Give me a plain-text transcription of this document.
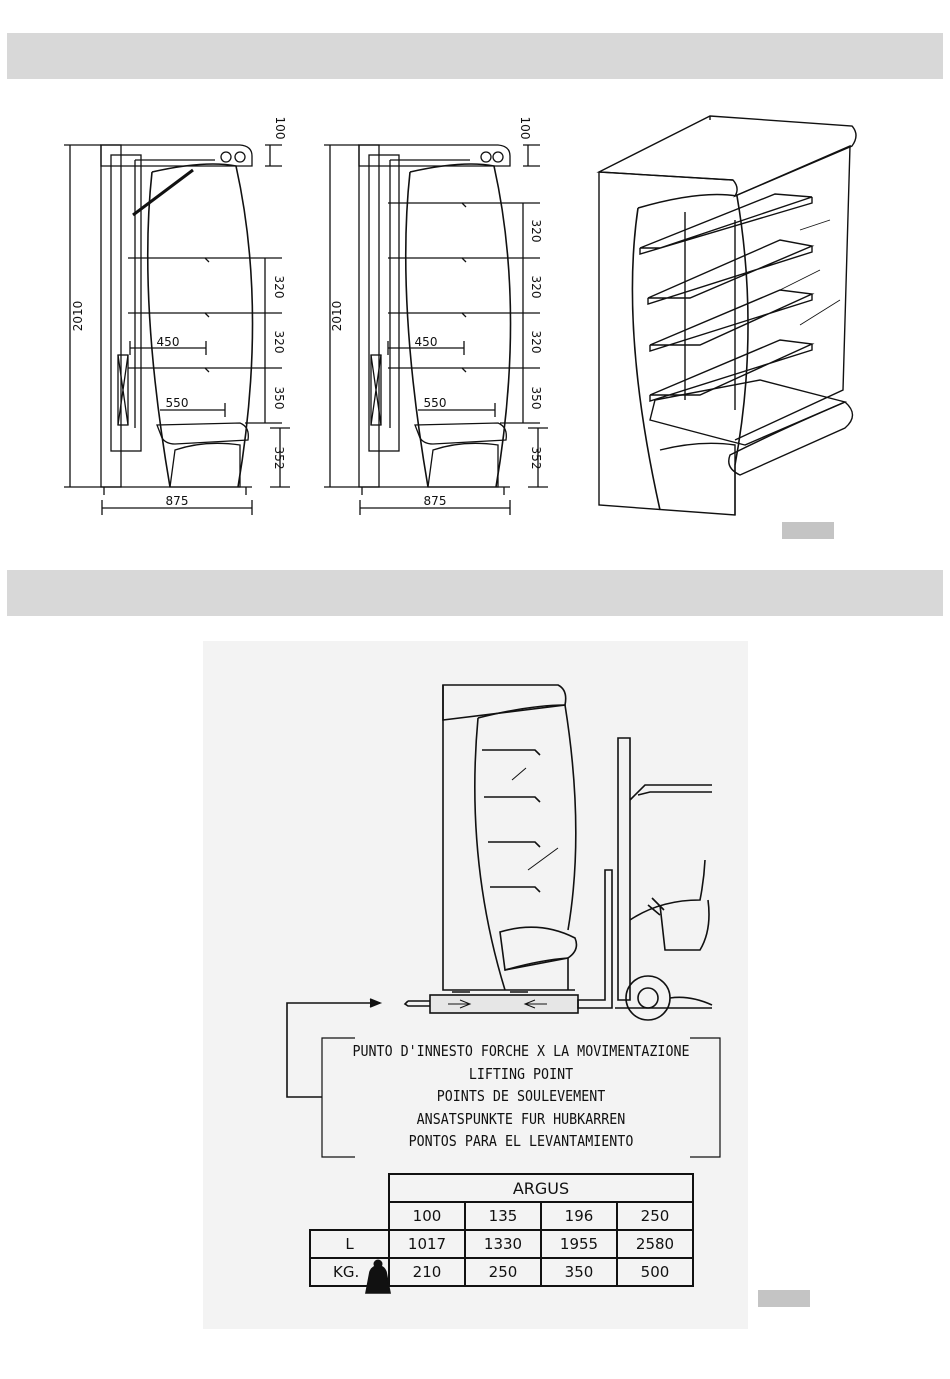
2010
875
100
320
320
350
352
450
550
2010
875
100
320
320
320
350
352
450
550
PUNTO D'INNESTO FORCHE X LA MOVIMENTAZIONE
LIFTING POINT
POINTS DE SOULEVEMENT
ANSATSPUNKTE FUR HUBKARREN
PONTOS PARA EL LEVANTAMIENTO
	ARGUS			
	100	135	196	250
L	1017	1330	1955	2580
KG.	210	250	350	500
